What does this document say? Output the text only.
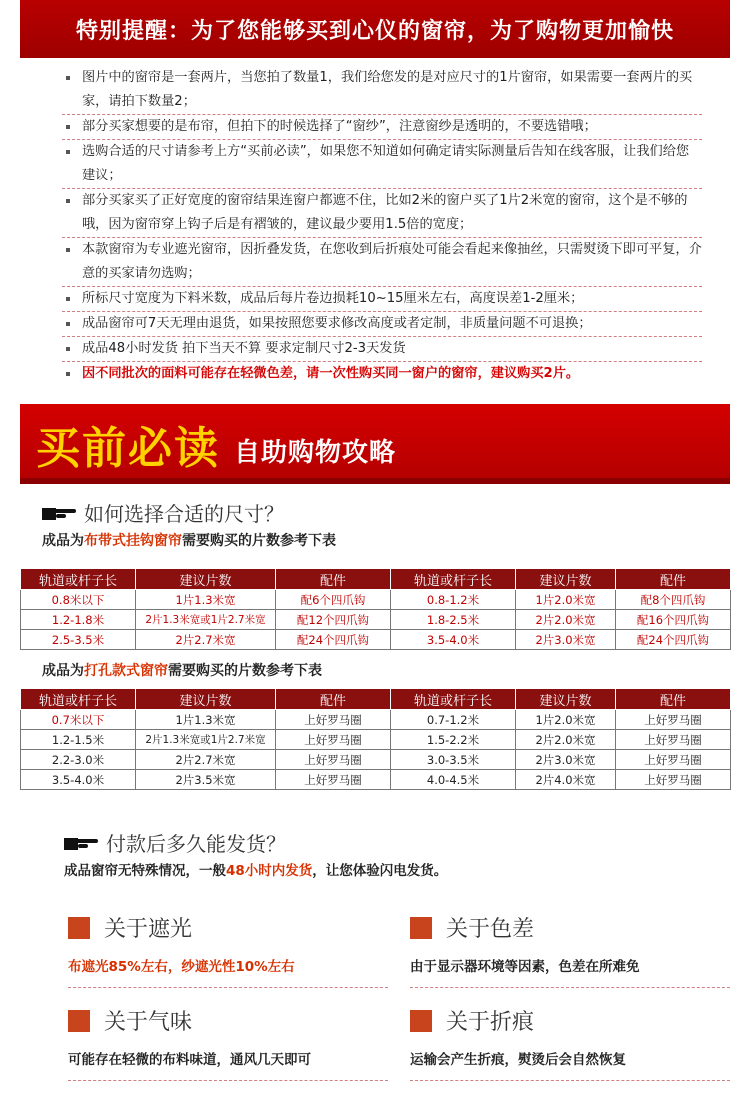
特别提醒：为了您能够买到心仪的窗帘，为了购物更加愉快
图片中的窗帘是一套两片，当您拍了数量1，我们给您发的是对应尺寸的1片窗帘，如果需要一套两片的买家，请拍下数量2；
部分买家想要的是布帘，但拍下的时候选择了“窗纱”，注意窗纱是透明的，不要选错哦；
选购合适的尺寸请参考上方“买前必读”，如果您不知道如何确定请实际测量后告知在线客服，让我们给您建议；
部分买家买了正好宽度的窗帘结果连窗户都遮不住，比如2米的窗户买了1片2米宽的窗帘，这个是不够的哦，因为窗帘穿上钩子后是有褶皱的，建议最少要用1.5倍的宽度；
本款窗帘为专业遮光窗帘，因折叠发货，在您收到后折痕处可能会看起来像抽丝，只需熨烫下即可平复，介意的买家请勿选购；
所标尺寸宽度为下料米数，成品后每片卷边损耗10~15厘米左右，高度误差1-2厘米；
成品窗帘可7天无理由退货，如果按照您要求修改高度或者定制，非质量问题不可退换；
成品48小时发货 拍下当天不算 要求定制尺寸2-3天发货
因不同批次的面料可能存在轻微色差，请一次性购买同一窗户的窗帘，建议购买2片。
买前必读 自助购物攻略
如何选择合适的尺寸？
成品为布带式挂钩窗帘需要购买的片数参考下表
轨道或杆子长	建议片数	配件	轨道或杆子长	建议片数	配件
0.8米以下	1片1.3米宽	配6个四爪钩	0.8-1.2米	1片2.0米宽	配8个四爪钩
1.2-1.8米	2片1.3米宽或1片2.7米宽	配12个四爪钩	1.8-2.5米	2片2.0米宽	配16个四爪钩
2.5-3.5米	2片2.7米宽	配24个四爪钩	3.5-4.0米	2片3.0米宽	配24个四爪钩
成品为打孔款式窗帘需要购买的片数参考下表
轨道或杆子长	建议片数	配件	轨道或杆子长	建议片数	配件
0.7米以下	1片1.3米宽	上好罗马圈	0.7-1.2米	1片2.0米宽	上好罗马圈
1.2-1.5米	2片1.3米宽或1片2.7米宽	上好罗马圈	1.5-2.2米	2片2.0米宽	上好罗马圈
2.2-3.0米	2片2.7米宽	上好罗马圈	3.0-3.5米	2片3.0米宽	上好罗马圈
3.5-4.0米	2片3.5米宽	上好罗马圈	4.0-4.5米	2片4.0米宽	上好罗马圈
付款后多久能发货？
成品窗帘无特殊情况，一般48小时内发货，让您体验闪电发货。
关于遮光
布遮光85%左右，纱遮光性10%左右
关于色差
由于显示器环境等因素，色差在所难免
关于气味
可能存在轻微的布料味道，通风几天即可
关于折痕
运输会产生折痕，熨烫后会自然恢复
